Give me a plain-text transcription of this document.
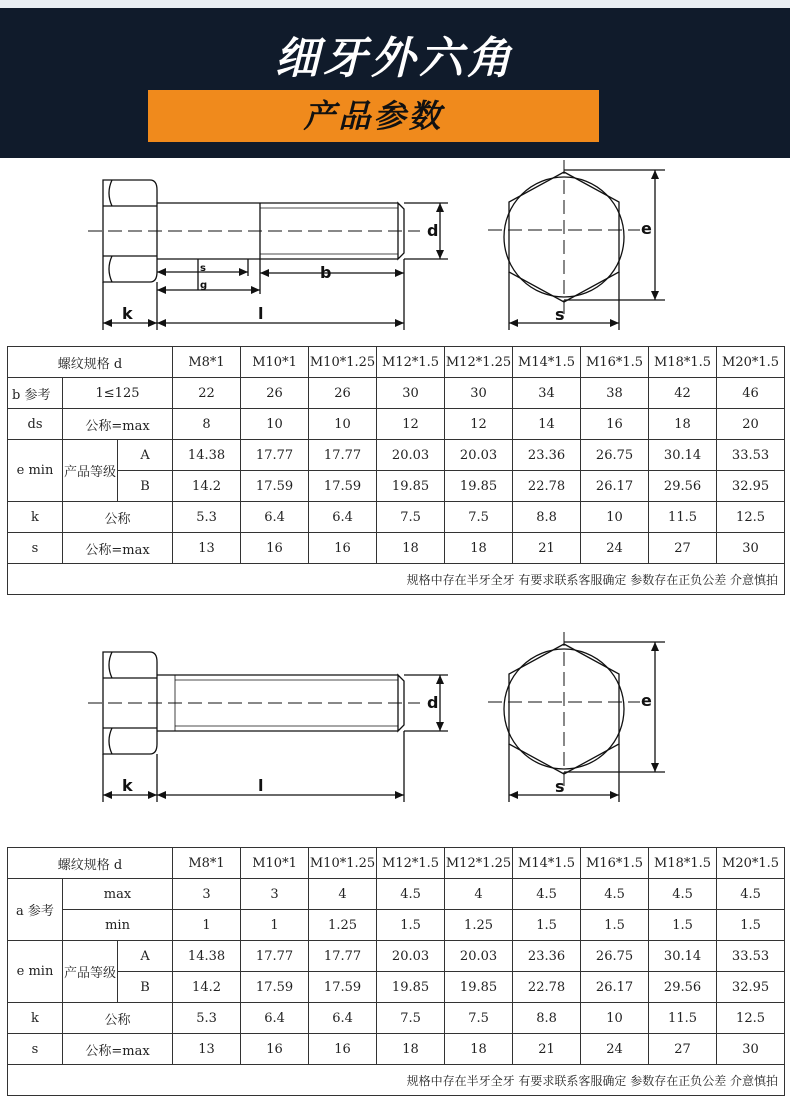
细牙外六角
产品参数
d
s
g
b
k	l
e
s
螺纹规格 d			M8*1	M10*1	M10*1.25	M12*1.5	M12*1.25	M14*1.5	M16*1.5	M18*1.5	M20*1.5
b 参考	1≤125		22	26	26	30	30	34	38	42	46
ds	公称=max		8	10	10	12	12	14	16	18	20
e min	产品等级	A	14.38	17.77	17.77	20.03	20.03	23.36	26.75	30.14	33.53
		B	14.2	17.59	17.59	19.85	19.85	22.78	26.17	29.56	32.95
k	公称		5.3	6.4	6.4	7.5	7.5	8.8	10	11.5	12.5
s	公称=max		13	16	16	18	18	21	24	27	30
规格中存在半牙全牙 有要求联系客服确定 参数存在正负公差 介意慎拍											
d
k	l
e
s
螺纹规格 d			M8*1	M10*1	M10*1.25	M12*1.5	M12*1.25	M14*1.5	M16*1.5	M18*1.5	M20*1.5
a 参考	max		3	3	4	4.5	4	4.5	4.5	4.5	4.5
	min		1	1	1.25	1.5	1.25	1.5	1.5	1.5	1.5
e min	产品等级	A	14.38	17.77	17.77	20.03	20.03	23.36	26.75	30.14	33.53
		B	14.2	17.59	17.59	19.85	19.85	22.78	26.17	29.56	32.95
k	公称		5.3	6.4	6.4	7.5	7.5	8.8	10	11.5	12.5
s	公称=max		13	16	16	18	18	21	24	27	30
规格中存在半牙全牙 有要求联系客服确定 参数存在正负公差 介意慎拍											
